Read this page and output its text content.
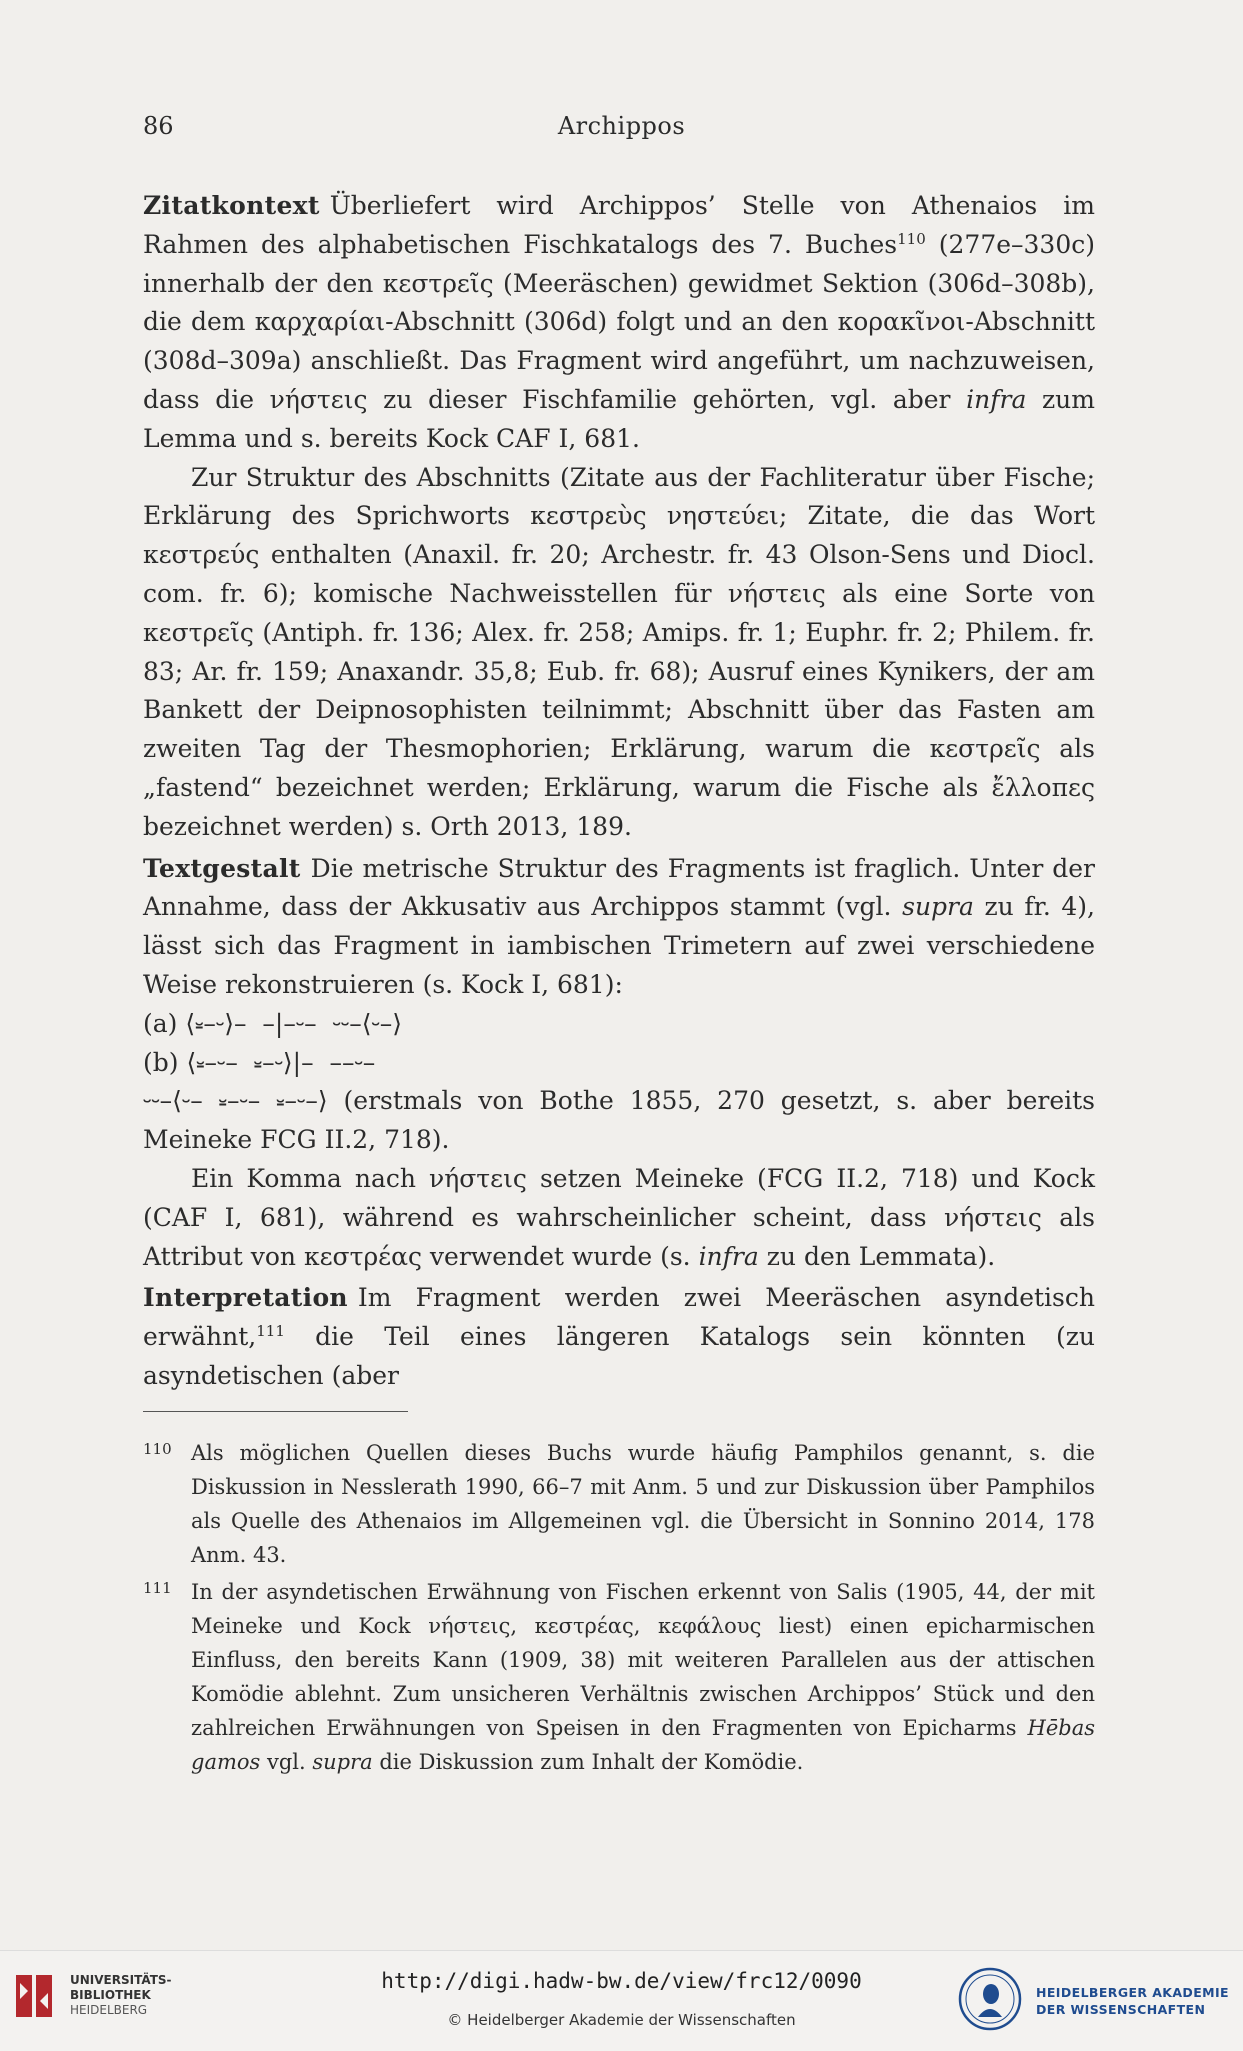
86	Archippos

Zitatkontext Überliefert wird Archippos’ Stelle von Athenaios im Rahmen des alphabetischen Fischkatalogs des 7. Buches$^{110}$ (277e–330c) innerhalb der den κεστρεῖς (Meeräschen) gewidmet Sektion (306d–308b), die dem καρχαρίαι-Abschnitt (306d) folgt und an den κορακῖνοι-Abschnitt (308d–309a) anschließt. Das Fragment wird angeführt, um nachzuweisen, dass die νήστεις zu dieser Fischfamilie gehörten, vgl. aber infra zum Lemma und s. bereits Kock CAF I, 681.

Zur Struktur des Abschnitts (Zitate aus der Fachliteratur über Fische; Erklärung des Sprichworts κεστρεὺς νηστεύει; Zitate, die das Wort κεστρεύς enthalten (Anaxil. fr. 20; Archestr. fr. 43 Olson-Sens und Diocl. com. fr. 6); komische Nachweisstellen für νήστεις als eine Sorte von κεστρεῖς (Antiph. fr. 136; Alex. fr. 258; Amips. fr. 1; Euphr. fr. 2; Philem. fr. 83; Ar. fr. 159; Anaxandr. 35,8; Eub. fr. 68); Ausruf eines Kynikers, der am Bankett der Deipnosophisten teilnimmt; Abschnitt über das Fasten am zweiten Tag der Thesmophorien; Erklärung, warum die κεστρεῖς als „fastend“ bezeichnet werden; Erklärung, warum die Fische als ἔλλοπες bezeichnet werden) s. Orth 2013, 189.

Textgestalt Die metrische Struktur des Fragments ist fraglich. Unter der Annahme, dass der Akkusativ aus Archippos stammt (vgl. supra zu fr. 4), lässt sich das Fragment in iambischen Trimetern auf zwei verschiedene Weise rekonstruieren (s. Kock I, 681):

(a) ⟨⏓–⏑⟩–  –|–⏑–  ⏑⏑–⟨⏑–⟩

(b) ⟨⏓–⏑–  ⏓–⏑⟩|–  ––⏑–

⏑⏑–⟨⏑– ⏓–⏑– ⏓–⏑–⟩ (erstmals von Bothe 1855, 270 gesetzt, s. aber bereits Meineke FCG II.2, 718).

Ein Komma nach νήστεις setzen Meineke (FCG II.2, 718) und Kock (CAF I, 681), während es wahrscheinlicher scheint, dass νήστεις als Attribut von κεστρέας verwendet wurde (s. infra zu den Lemmata).

Interpretation Im Fragment werden zwei Meeräschen asyndetisch erwähnt,$^{111}$ die Teil eines längeren Katalogs sein könnten (zu asyndetischen (aber

110 Als möglichen Quellen dieses Buchs wurde häufig Pamphilos genannt, s. die Diskussion in Nesslerath 1990, 66–7 mit Anm. 5 und zur Diskussion über Pamphilos als Quelle des Athenaios im Allgemeinen vgl. die Übersicht in Sonnino 2014, 178 Anm. 43.
111 In der asyndetischen Erwähnung von Fischen erkennt von Salis (1905, 44, der mit Meineke und Kock νήστεις, κεστρέας, κεφάλους liest) einen epicharmischen Einfluss, den bereits Kann (1909, 38) mit weiteren Parallelen aus der attischen Komödie ablehnt. Zum unsicheren Verhältnis zwischen Archippos’ Stück und den zahlreichen Erwähnungen von Speisen in den Fragmenten von Epicharms Hēbas gamos vgl. supra die Diskussion zum Inhalt der Komödie.
UNIVERSITÄTS-
BIBLIOTHEK
HEIDELBERG
http://digi.hadw-bw.de/view/frc12/0090
© Heidelberger Akademie der Wissenschaften
HEIDELBERGER AKADEMIE
DER WISSENSCHAFTEN
